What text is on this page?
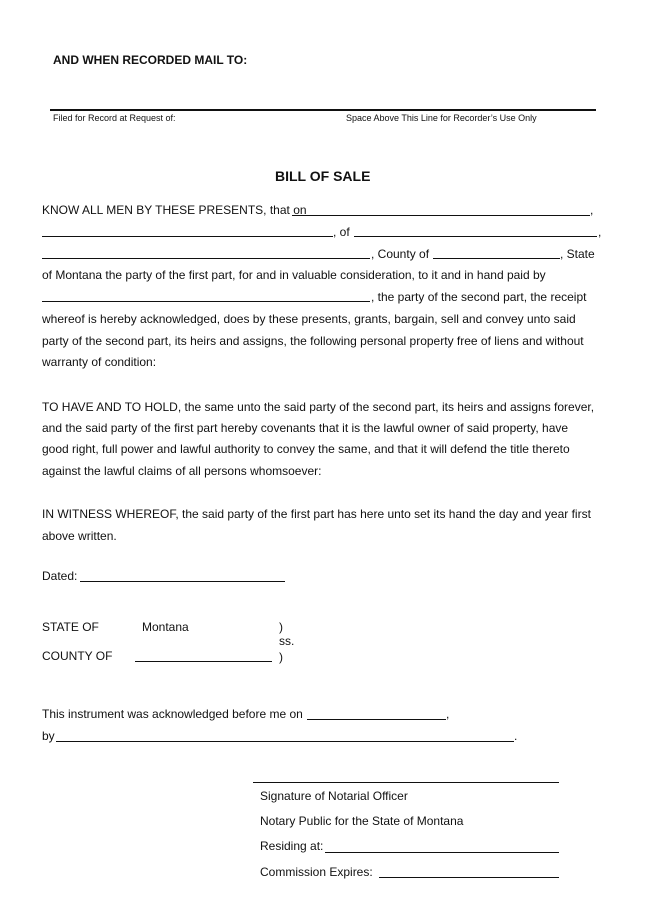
AND WHEN RECORDED MAIL TO:
Filed for Record at Request of:	Space Above This Line for Recorder’s Use Only
BILL OF SALE
KNOW ALL MEN BY THESE PRESENTS, that on	,
, of	,
, County of	, State
of Montana the party of the first part, for and in valuable consideration, to it and in hand paid by
, the party of the second part, the receipt
whereof is hereby acknowledged, does by these presents, grants, bargain, sell and convey unto said
party of the second part, its heirs and assigns, the following personal property free of liens and without
warranty of condition:
TO HAVE AND TO HOLD, the same unto the said party of the second part, its heirs and assigns forever,
and the said party of the first part hereby covenants that it is the lawful owner of said property, have
good right, full power and lawful authority to convey the same, and that it will defend the title thereto
against the lawful claims of all persons whomsoever:
IN WITNESS WHEREOF, the said party of the first part has here unto set its hand the day and year first
above written.
Dated:
STATE OF	Montana	)
ss.
COUNTY OF	)
This instrument was acknowledged before me on	,
by	.
Signature of Notarial Officer
Notary Public for the State of Montana
Residing at:
Commission Expires:
